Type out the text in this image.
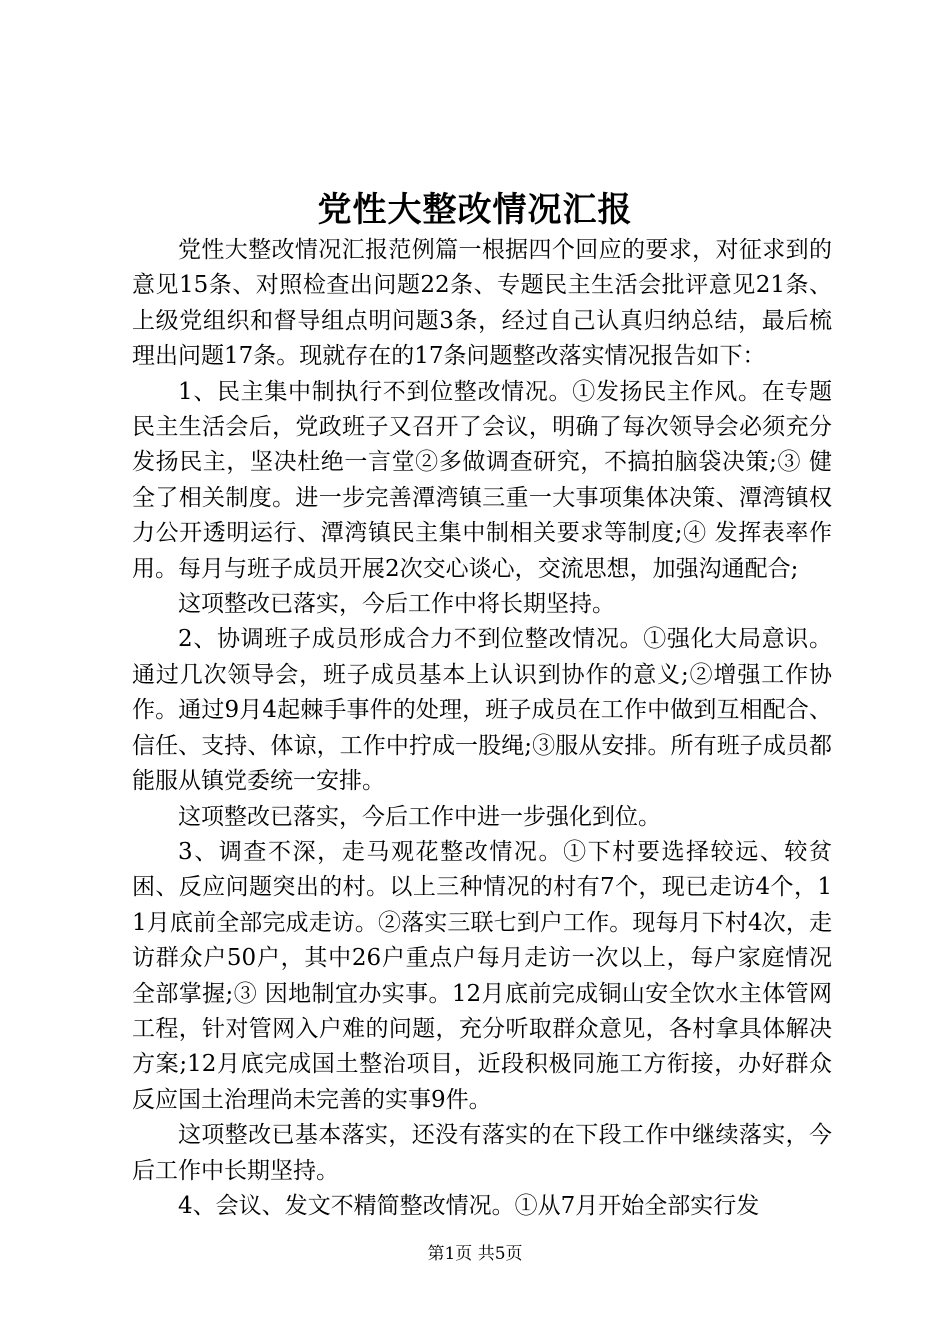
党性大整改情况汇报

党性大整改情况汇报范例篇一根据四个回应的要求，对征求到的意见15条、对照检查出问题22条、专题民主生活会批评意见21条、上级党组织和督导组点明问题3条，经过自己认真归纳总结，最后梳理出问题17条。现就存在的17条问题整改落实情况报告如下：

1、民主集中制执行不到位整改情况。①发扬民主作风。在专题民主生活会后，党政班子又召开了会议，明确了每次领导会必须充分发扬民主，坚决杜绝一言堂②多做调查研究，不搞拍脑袋决策;③ 健全了相关制度。进一步完善潭湾镇三重一大事项集体决策、潭湾镇权力公开透明运行、潭湾镇民主集中制相关要求等制度;④ 发挥表率作用。每月与班子成员开展2次交心谈心，交流思想，加强沟通配合;

这项整改已落实，今后工作中将长期坚持。

2、协调班子成员形成合力不到位整改情况。①强化大局意识。通过几次领导会，班子成员基本上认识到协作的意义;②增强工作协作。通过9月4起棘手事件的处理，班子成员在工作中做到互相配合、信任、支持、体谅，工作中拧成一股绳;③服从安排。所有班子成员都能服从镇党委统一安排。

这项整改已落实，今后工作中进一步强化到位。

3、调查不深，走马观花整改情况。①下村要选择较远、较贫困、反应问题突出的村。以上三种情况的村有7个，现已走访4个，11月底前全部完成走访。②落实三联七到户工作。现每月下村4次，走访群众户50户，其中26户重点户每月走访一次以上，每户家庭情况全部掌握;③ 因地制宜办实事。12月底前完成铜山安全饮水主体管网工程，针对管网入户难的问题，充分听取群众意见，各村拿具体解决方案;12月底完成国土整治项目，近段积极同施工方衔接，办好群众反应国土治理尚未完善的实事9件。

这项整改已基本落实，还没有落实的在下段工作中继续落实，今后工作中长期坚持。

4、会议、发文不精简整改情况。①从7月开始全部实行发

第1页 共5页
